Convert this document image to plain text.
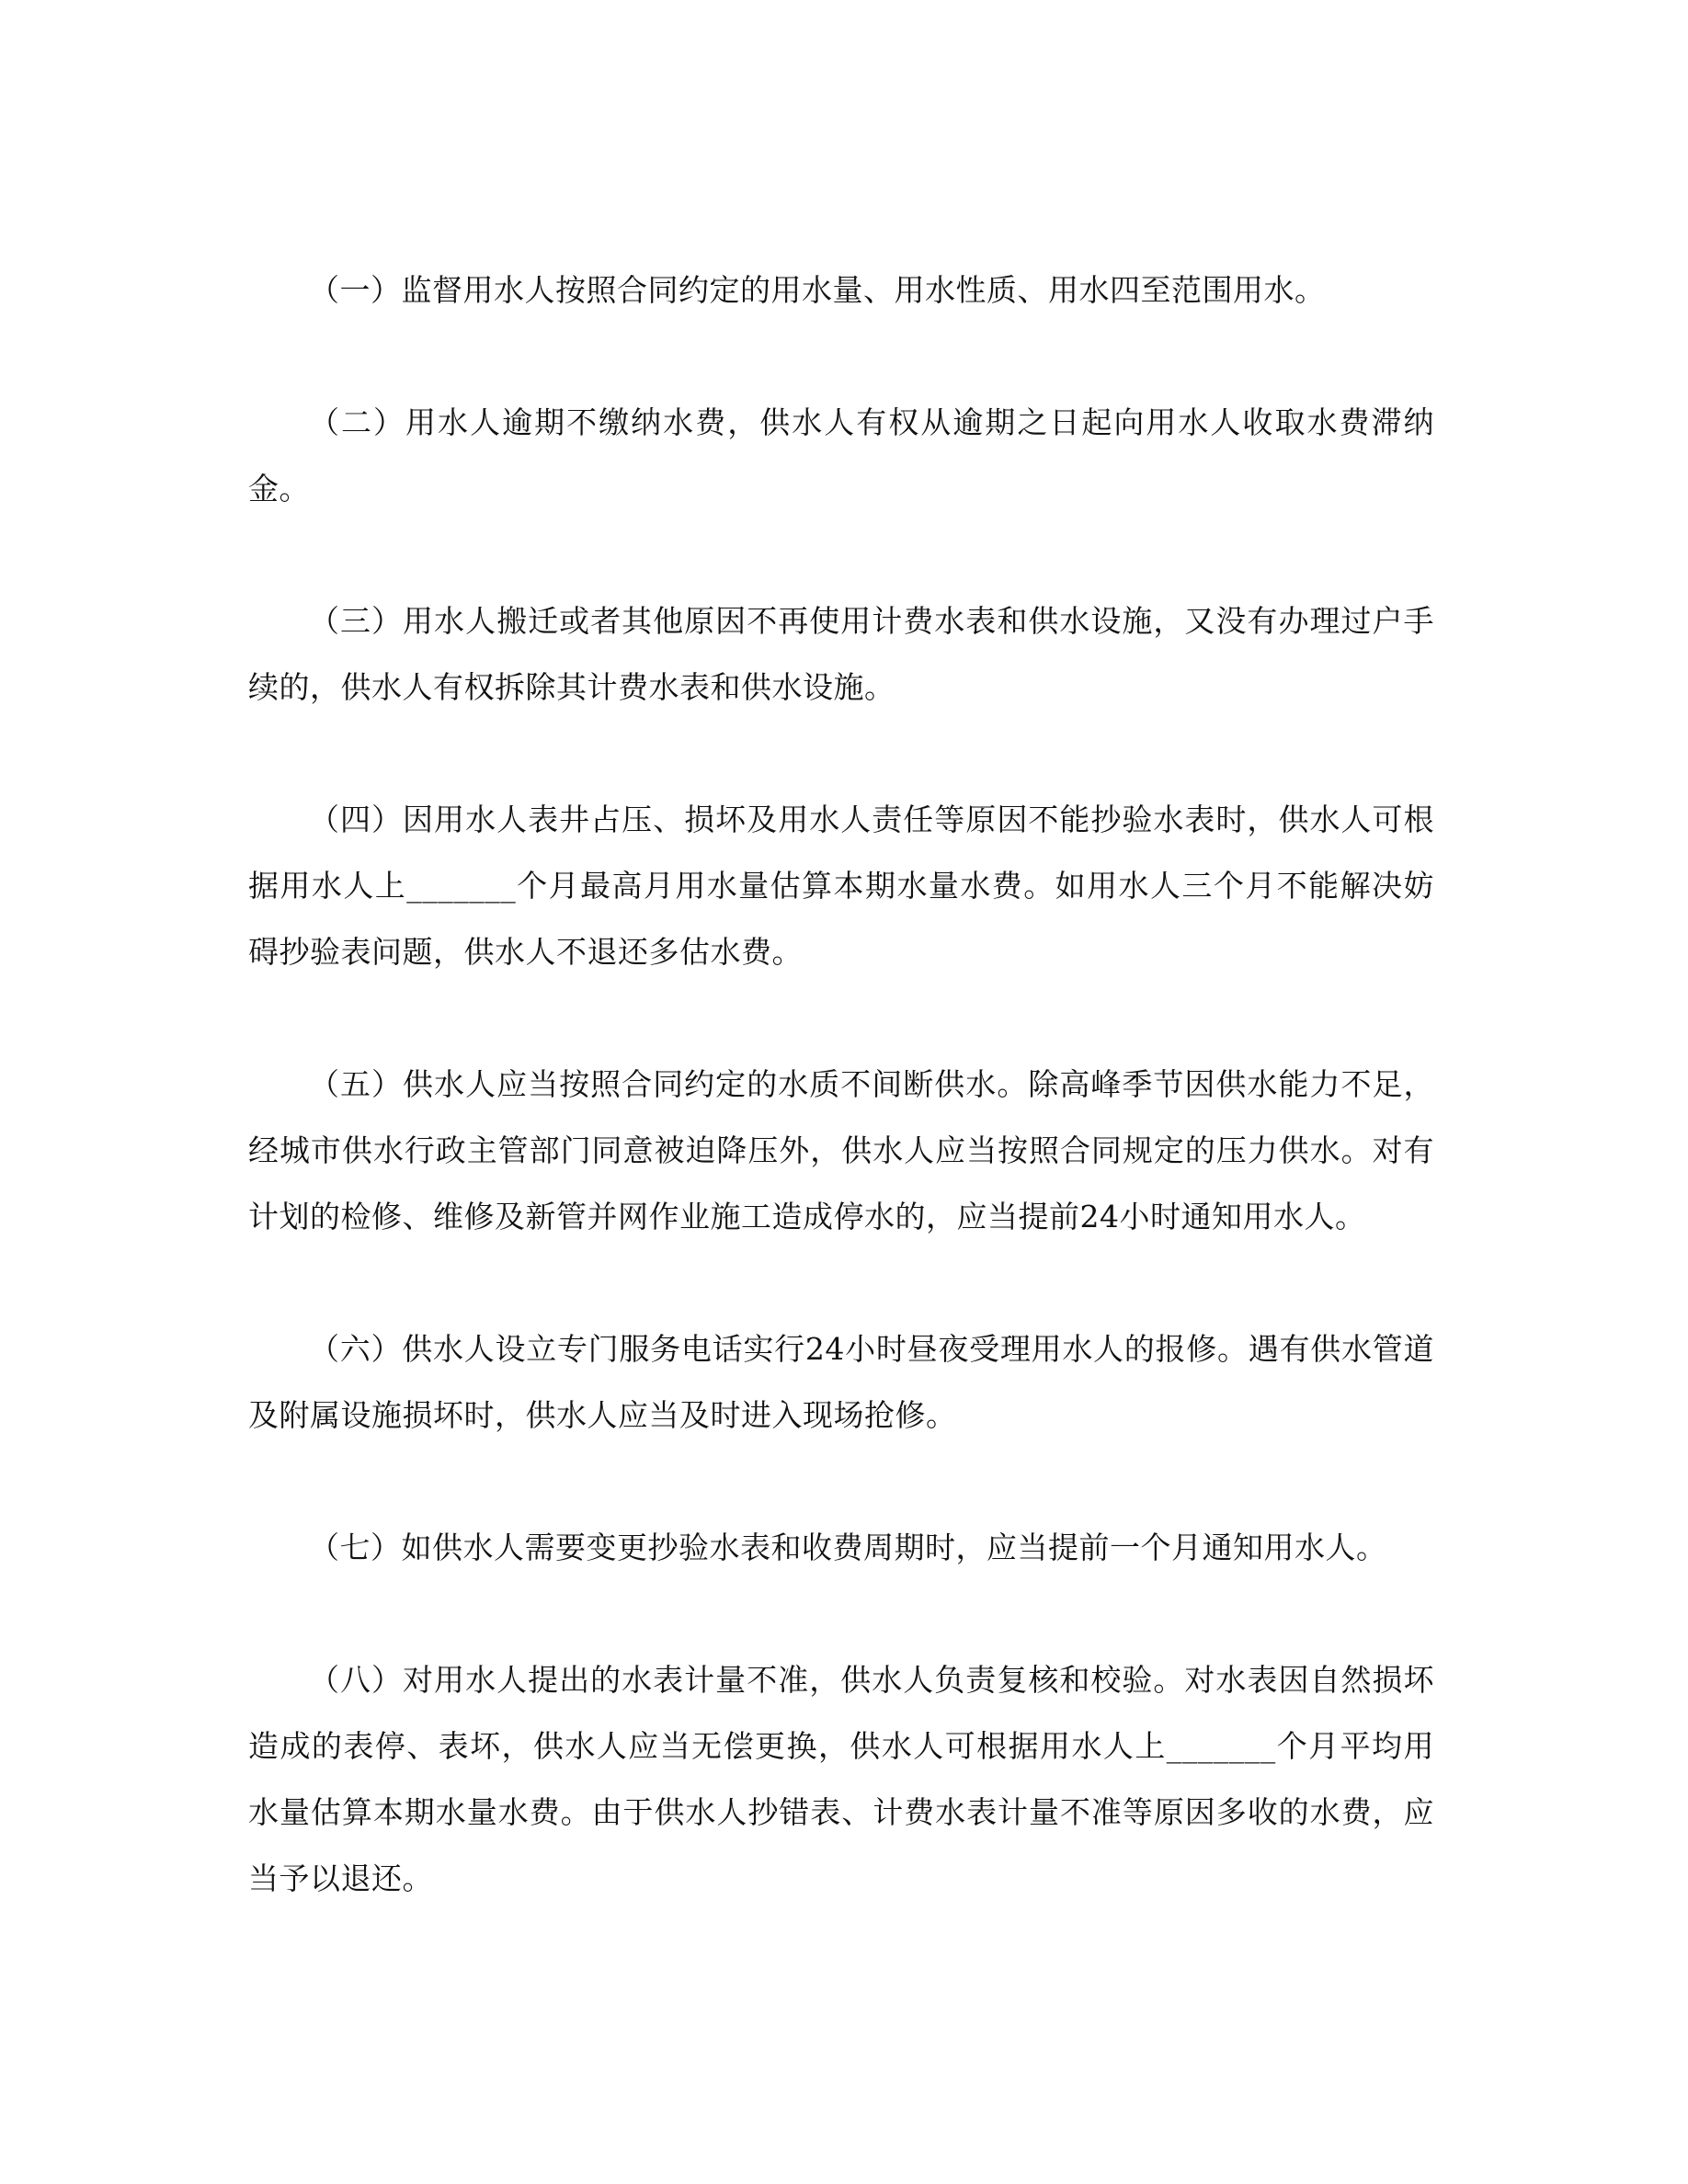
（一）监督用水人按照合同约定的用水量、用水性质、用水四至范围用水。

（二）用水人逾期不缴纳水费，供水人有权从逾期之日起向用水人收取水费滞纳金。

（三）用水人搬迁或者其他原因不再使用计费水表和供水设施，又没有办理过户手续的，供水人有权拆除其计费水表和供水设施。

（四）因用水人表井占压、损坏及用水人责任等原因不能抄验水表时，供水人可根据用水人上_______个月最高月用水量估算本期水量水费。如用水人三个月不能解决妨碍抄验表问题，供水人不退还多估水费。

（五）供水人应当按照合同约定的水质不间断供水。除高峰季节因供水能力不足，经城市供水行政主管部门同意被迫降压外，供水人应当按照合同规定的压力供水。对有计划的检修、维修及新管并网作业施工造成停水的，应当提前24小时通知用水人。

（六）供水人设立专门服务电话实行24小时昼夜受理用水人的报修。遇有供水管道及附属设施损坏时，供水人应当及时进入现场抢修。

（七）如供水人需要变更抄验水表和收费周期时，应当提前一个月通知用水人。

（八）对用水人提出的水表计量不准，供水人负责复核和校验。对水表因自然损坏造成的表停、表坏，供水人应当无偿更换，供水人可根据用水人上_______个月平均用水量估算本期水量水费。由于供水人抄错表、计费水表计量不准等原因多收的水费，应当予以退还。
